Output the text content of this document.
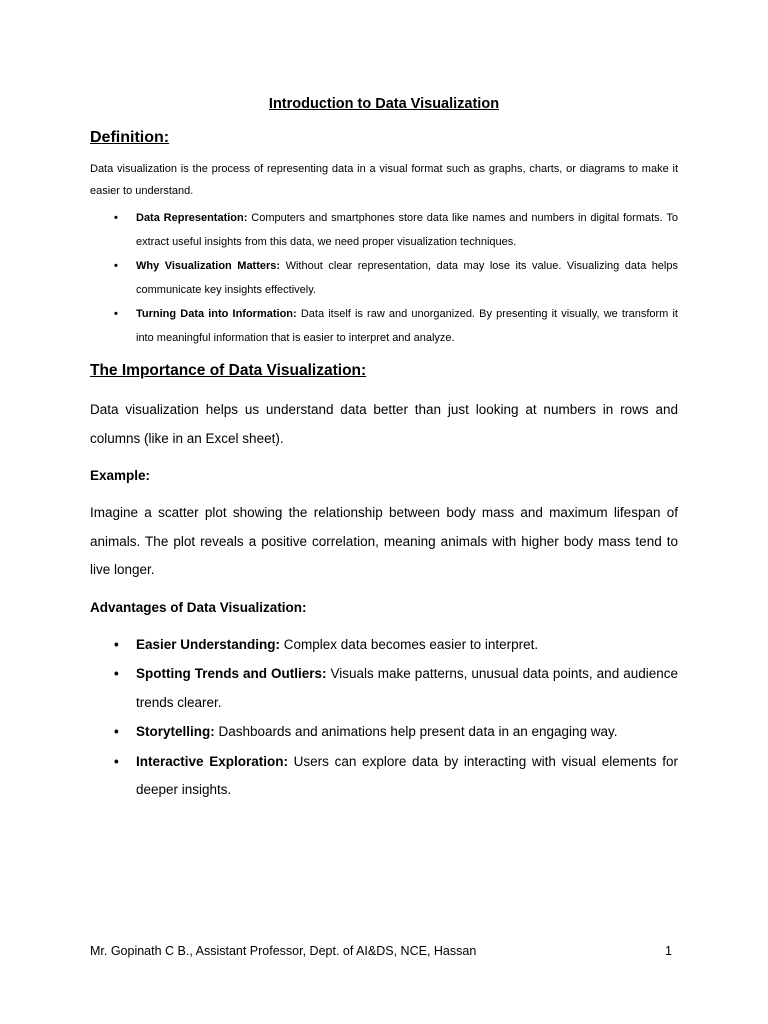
Introduction to Data Visualization
Definition:

Data visualization is the process of representing data in a visual format such as graphs, charts, or diagrams to make it easier to understand.

• Data Representation: Computers and smartphones store data like names and numbers in digital formats. To extract useful insights from this data, we need proper visualization techniques.
• Why Visualization Matters: Without clear representation, data may lose its value. Visualizing data helps communicate key insights effectively.
• Turning Data into Information: Data itself is raw and unorganized. By presenting it visually, we transform it into meaningful information that is easier to interpret and analyze.
The Importance of Data Visualization:

Data visualization helps us understand data better than just looking at numbers in rows and columns (like in an Excel sheet).

Example:

Imagine a scatter plot showing the relationship between body mass and maximum lifespan of animals. The plot reveals a positive correlation, meaning animals with higher body mass tend to live longer.

Advantages of Data Visualization:

• Easier Understanding: Complex data becomes easier to interpret.
• Spotting Trends and Outliers: Visuals make patterns, unusual data points, and audience trends clearer.
• Storytelling: Dashboards and animations help present data in an engaging way.
• Interactive Exploration: Users can explore data by interacting with visual elements for deeper insights.
Mr. Gopinath C B., Assistant Professor, Dept. of AI&DS, NCE, Hassan	1
